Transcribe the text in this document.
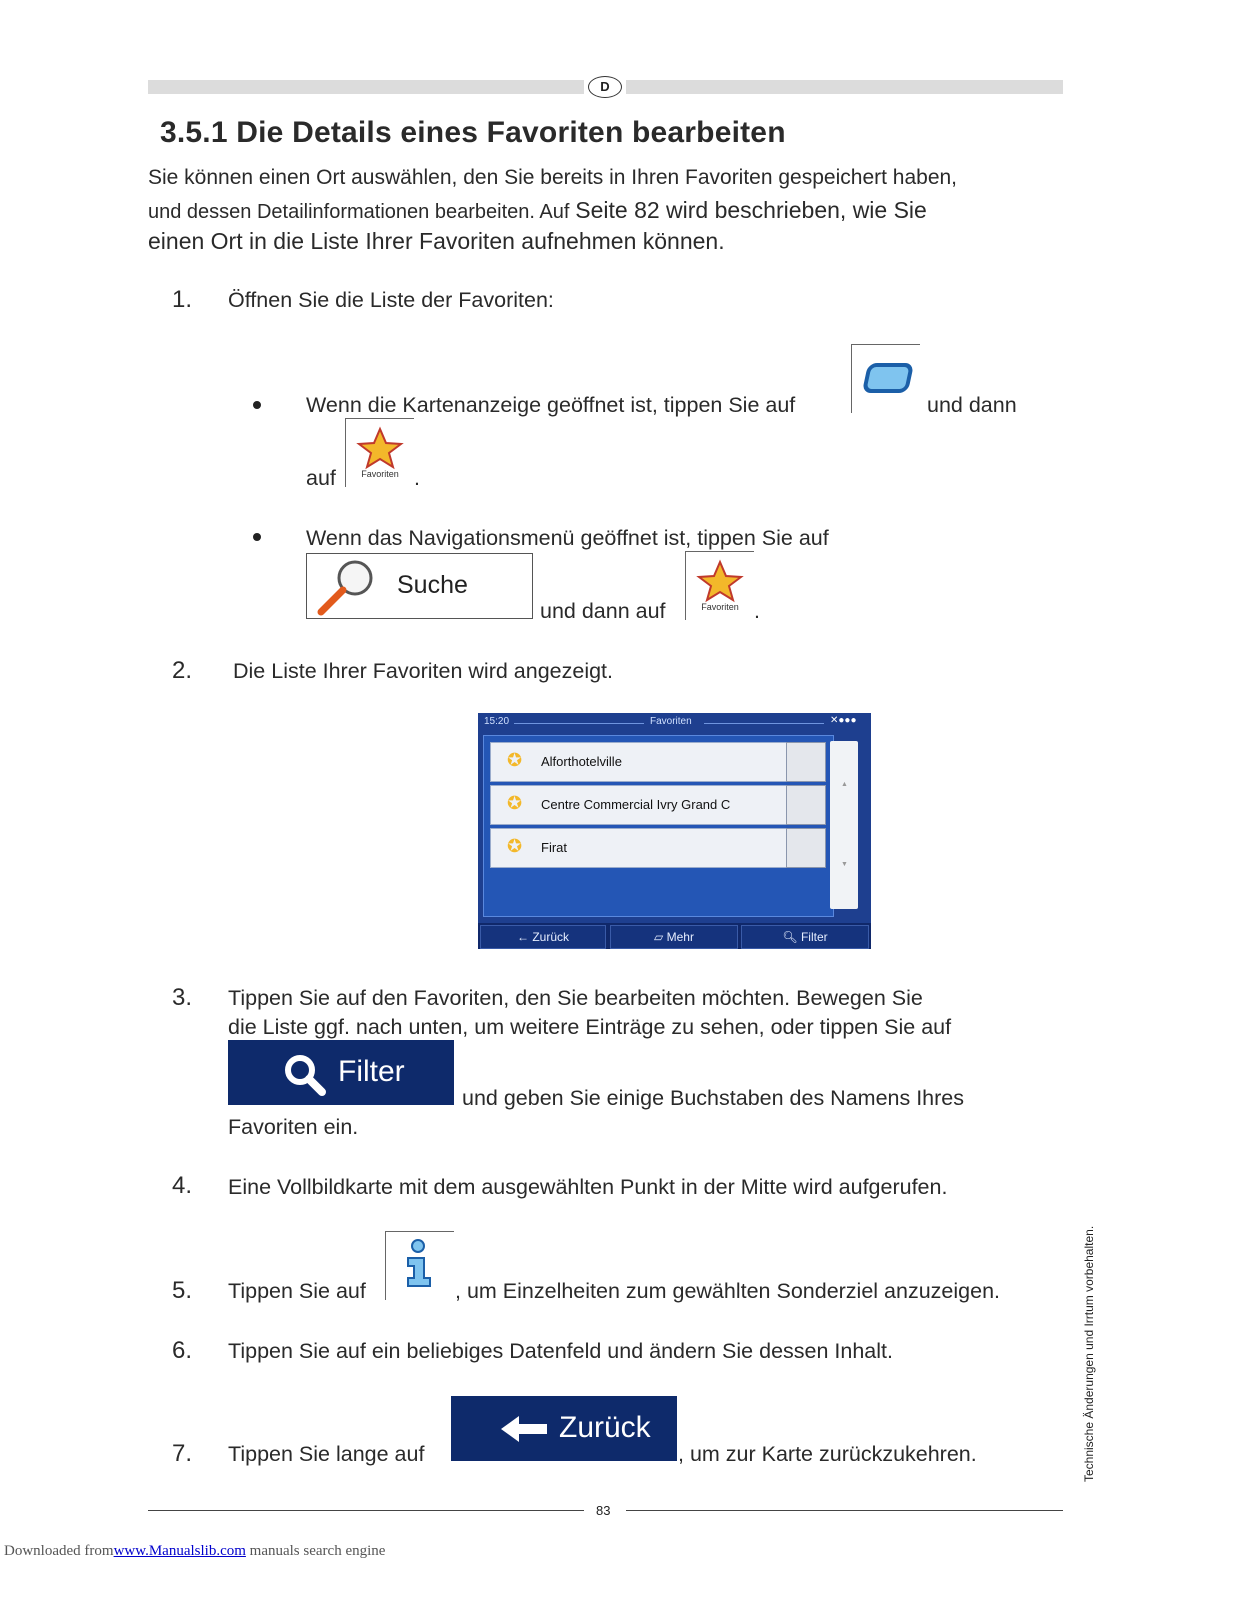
D
3.5.1 Die Details eines Favoriten bearbeiten
Sie können einen Ort auswählen, den Sie bereits in Ihren Favoriten gespeichert haben,
und dessen Detailinformationen bearbeiten. Auf Seite 82 wird beschrieben, wie Sie
einen Ort in die Liste Ihrer Favoriten aufnehmen können.
1. Öffnen Sie die Liste der Favoriten:
Wenn die Kartenanzeige geöffnet ist, tippen Sie auf	und dann
auf	Favoriten .
Wenn das Navigationsmenü geöffnet ist, tippen Sie auf
Suche
und dann auf	Favoriten .
2. Die Liste Ihrer Favoriten wird angezeigt.
15:20	Favoriten	✕●●●
✪ Alforthotelville
✪ Centre Commercial Ivry Grand C
✪ Firat
▲
▼
← Zurück	▱ Mehr	🔍︎ Filter
3. Tippen Sie auf den Favoriten, den Sie bearbeiten möchten. Bewegen Sie
die Liste ggf. nach unten, um weitere Einträge zu sehen, oder tippen Sie auf
Filter
und geben Sie einige Buchstaben des Namens Ihres
Favoriten ein.
4. Eine Vollbildkarte mit dem ausgewählten Punkt in der Mitte wird aufgerufen.
5. Tippen Sie auf	, um Einzelheiten zum gewählten Sonderziel anzuzeigen.
6. Tippen Sie auf ein beliebiges Datenfeld und ändern Sie dessen Inhalt.
7. Tippen Sie lange auf
Zurück
, um zur Karte zurückzukehren.
83
Technische Änderungen und Irrtum vorbehalten.
Downloaded fromwww.Manualslib.com manuals search engine
